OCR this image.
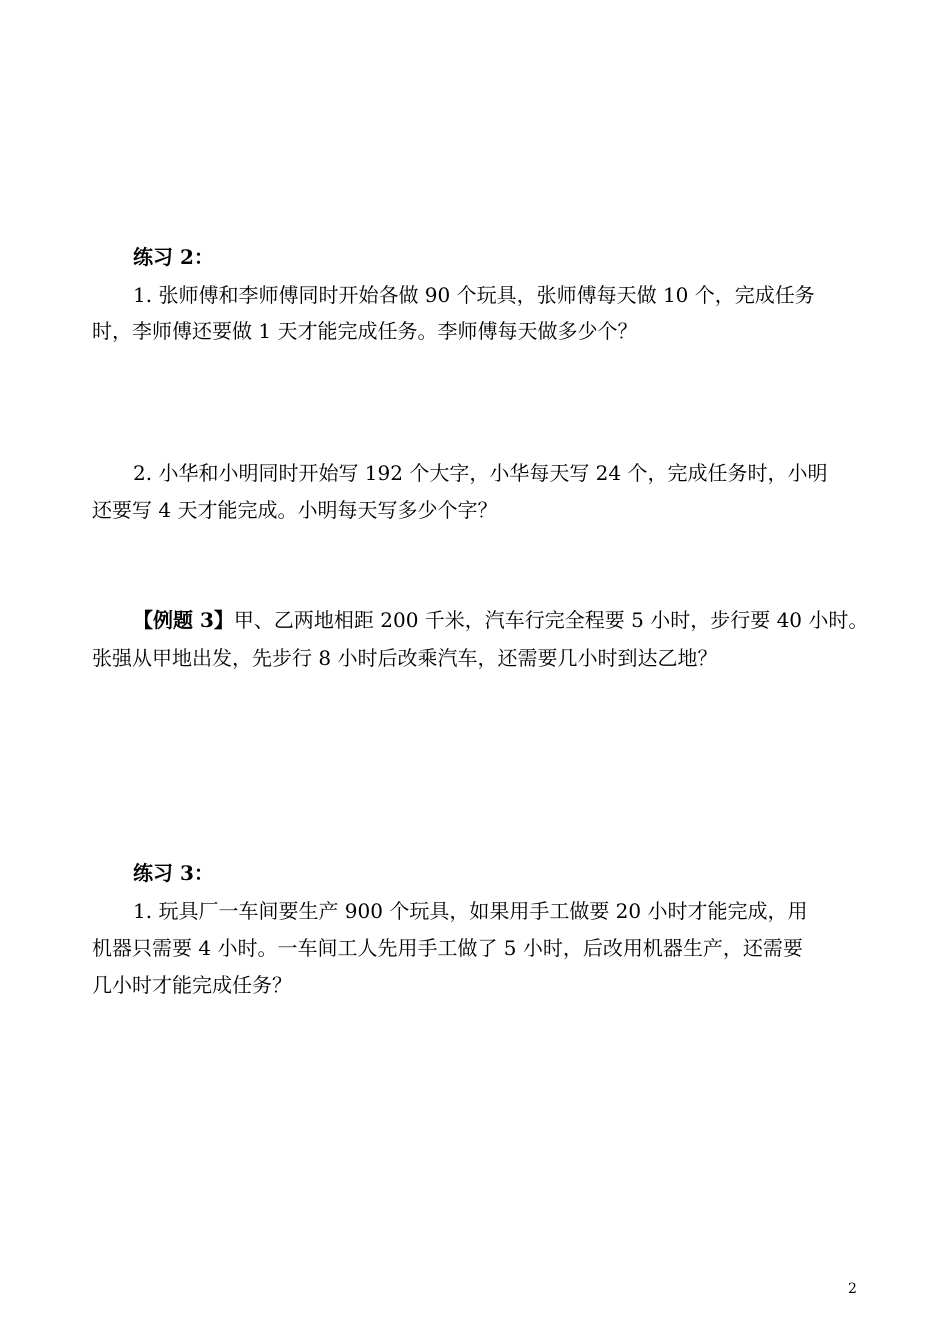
练习 2：
1. 张师傅和李师傅同时开始各做 90 个玩具，张师傅每天做 10 个，完成任务
时，李师傅还要做 1 天才能完成任务。李师傅每天做多少个？
2. 小华和小明同时开始写 192 个大字，小华每天写 24 个，完成任务时，小明
还要写 4 天才能完成。小明每天写多少个字？
【例题 3】甲、乙两地相距 200 千米，汽车行完全程要 5 小时，步行要 40 小时。
张强从甲地出发，先步行 8 小时后改乘汽车，还需要几小时到达乙地？
练习 3：
1. 玩具厂一车间要生产 900 个玩具，如果用手工做要 20 小时才能完成，用
机器只需要 4 小时。一车间工人先用手工做了 5 小时，后改用机器生产，还需要
几小时才能完成任务？
2
